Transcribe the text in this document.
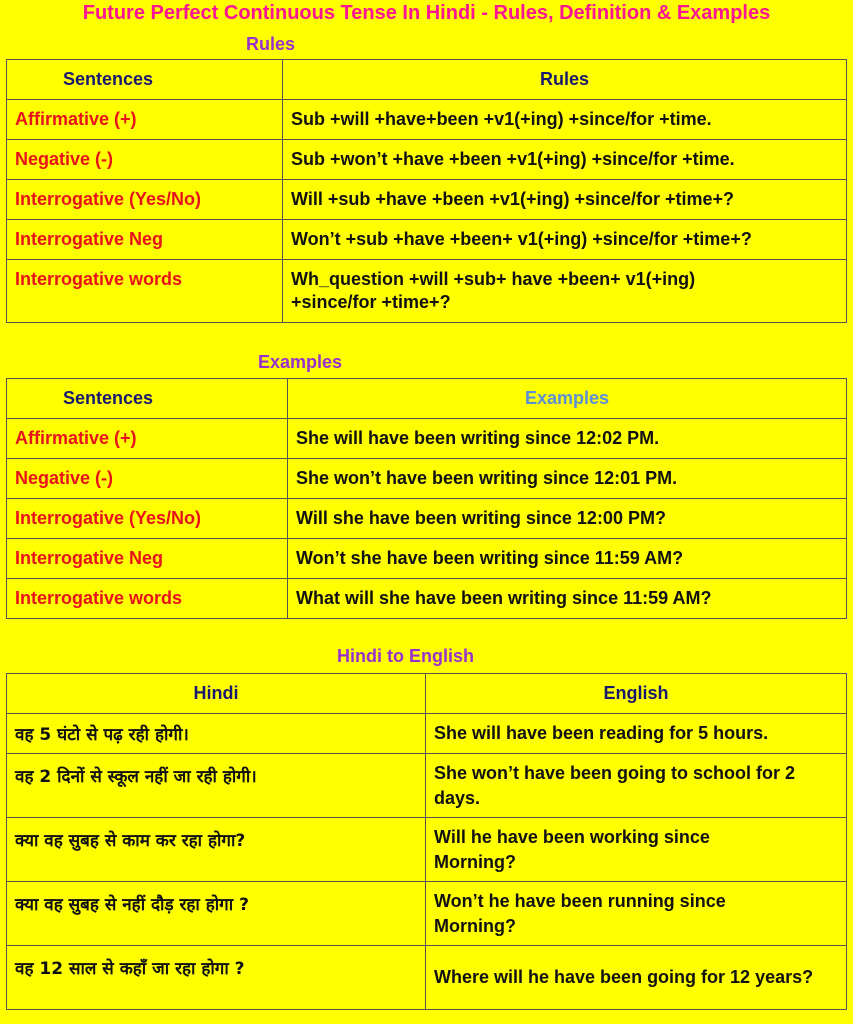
Future Perfect Continuous Tense In Hindi - Rules, Definition & Examples
Rules
Sentences	Rules
Affirmative (+)	Sub +will +have+been +v1(+ing) +since/for +time.
Negative (-)	Sub +won’t +have +been +v1(+ing) +since/for +time.
Interrogative (Yes/No)	Will +sub +have +been +v1(+ing) +since/for +time+?
Interrogative Neg	Won’t +sub +have +been+ v1(+ing) +since/for +time+?
Interrogative words	Wh_question +will +sub+ have +been+ v1(+ing) +since/for +time+?
Examples
Sentences	Examples
Affirmative (+)	She will have been writing since 12:02 PM.
Negative (-)	She won’t have been writing since 12:01 PM.
Interrogative (Yes/No)	Will she have been writing since 12:00 PM?
Interrogative Neg	Won’t she have been writing since 11:59 AM?
Interrogative words	What will she have been writing since 11:59 AM?
Hindi to English
Hindi	English
वह 5 घंटो से पढ़ रही होगी।	She will have been reading for 5 hours.
वह 2 दिनों से स्कूल नहीं जा रही होगी।	She won’t have been going to school for 2 days.
क्या वह सुबह से काम कर रहा होगा?	Will he have been working since Morning?
क्या वह सुबह से नहीं दौड़ रहा होगा ?	Won’t he have been running since Morning?
वह 12 साल से कहाँ जा रहा होगा ?	Where will he have been going for 12 years?
